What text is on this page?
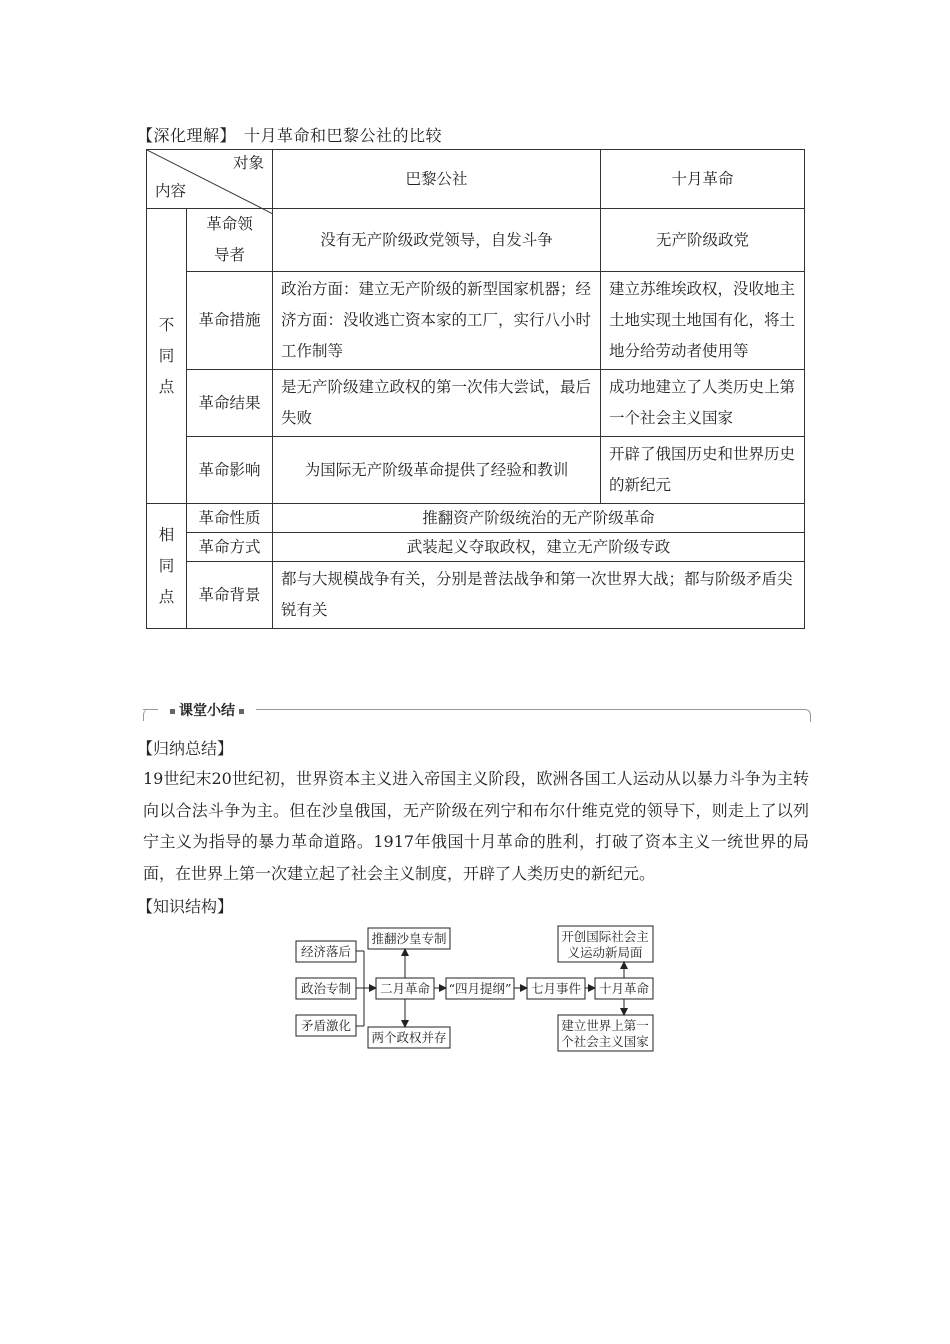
【深化理解】 十月革命和巴黎公社的比较
对象
内容		巴黎公社	十月革命

不
同
点	革命领导者	没有无产阶级政党领导，自发斗争	无产阶级政党
	革命措施	政治方面：建立无产阶级的新型国家机器；经济方面：没收逃亡资本家的工厂，实行八小时工作制等	建立苏维埃政权，没收地主土地实现土地国有化，将土地分给劳动者使用等
	革命结果	是无产阶级建立政权的第一次伟大尝试，最后失败	成功地建立了人类历史上第一个社会主义国家
	革命影响	为国际无产阶级革命提供了经验和教训	开辟了俄国历史和世界历史的新纪元

相
同
点	革命性质	推翻资产阶级统治的无产阶级革命	
	革命方式	武装起义夺取政权，建立无产阶级专政	
	革命背景	都与大规模战争有关，分别是普法战争和第一次世界大战；都与阶级矛盾尖锐有关	
课堂小结
【归纳总结】
19世纪末20世纪初，世界资本主义进入帝国主义阶段，欧洲各国工人运动从以暴力斗争为主转向以合法斗争为主。但在沙皇俄国，无产阶级在列宁和布尔什维克党的领导下，则走上了以列宁主义为指导的暴力革命道路。1917年俄国十月革命的胜利，打破了资本主义一统世界的局面，在世界上第一次建立起了社会主义制度，开辟了人类历史的新纪元。
【知识结构】
经济落后
政治专制
矛盾激化
推翻沙皇专制
二月革命
两个政权并存
“四月提纲” 七月事件 十月革命
开创国际社会主
义运动新局面
建立世界上第一
个社会主义国家
